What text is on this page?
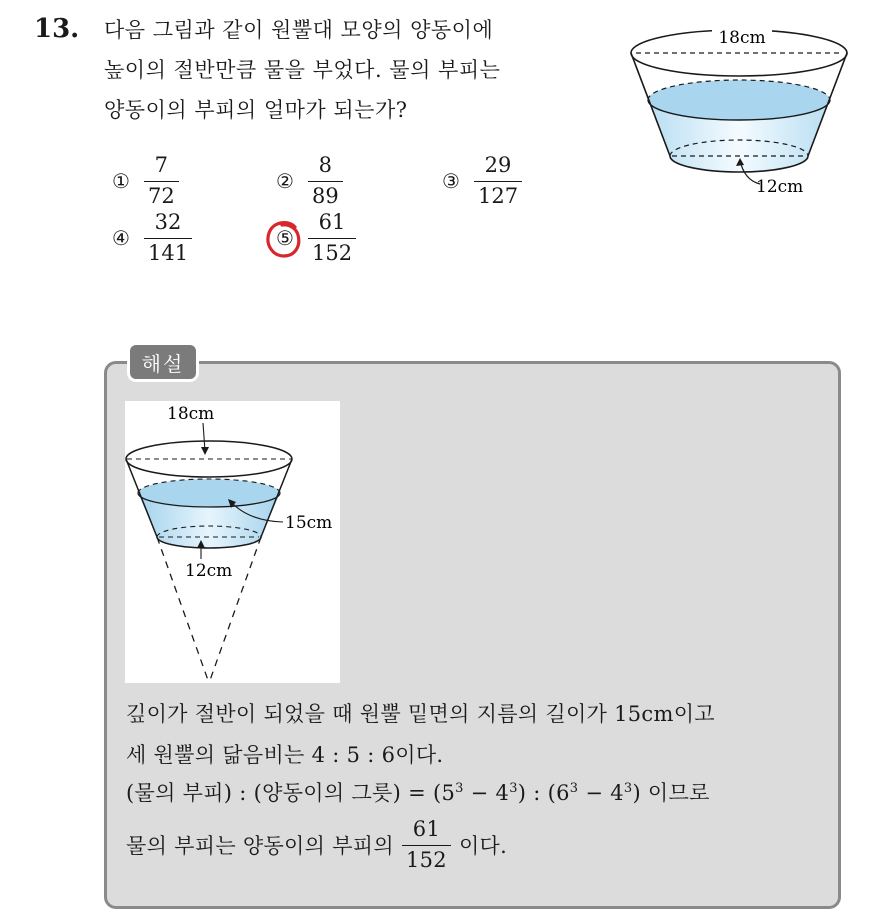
13. 다음 그림과 같이 원뿔대 모양의 양동이에
높이의 절반만큼 물을 부었다. 물의 부피는
양동이의 부피의 얼마가 되는가?
18cm
12cm
① $\frac{7}{72}$	② $\frac{8}{89}$	③ $\frac{29}{127}$
④ $\frac{32}{141}$	⑤ $\frac{61}{152}$
해설
18cm
15cm
12cm
깊이가 절반이 되었을 때 원뿔 밑면의 지름의 길이가 15cm이고
세 원뿔의 닮음비는 4 : 5 : 6이다.
(물의 부피) : (양동이의 그릇) = $(5^3 - 4^3)$ : $(6^3 - 4^3)$ 이므로
물의 부피는 양동이의 부피의 $\frac{61}{152}$ 이다.
